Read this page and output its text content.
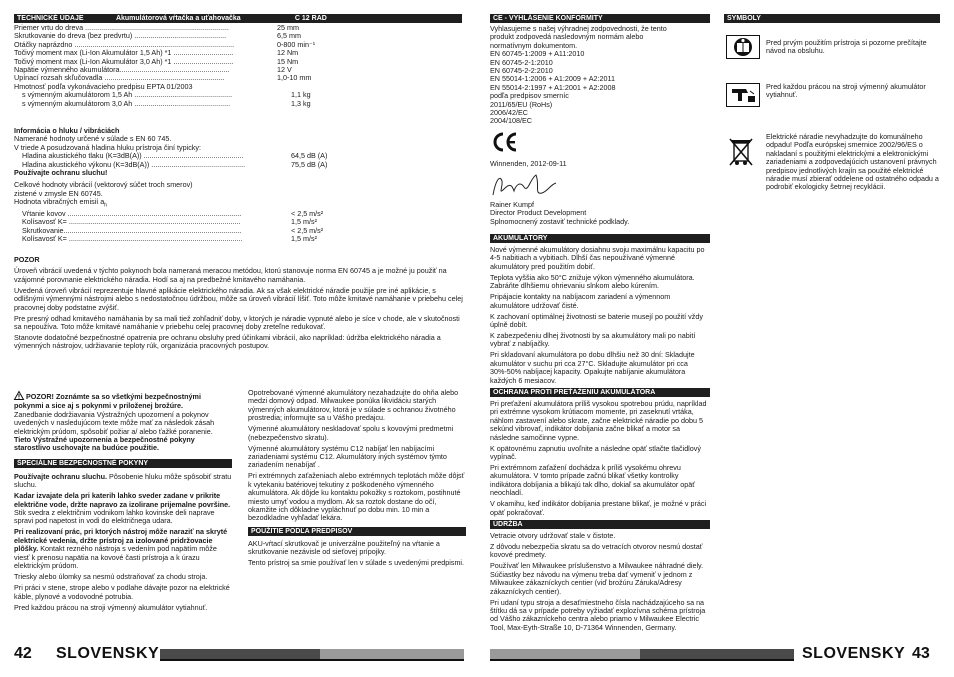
TECHNICKÉ ÚDAJE	Akumulátorová vŕtačka a uťahovačka	C 12 RAD
Priemer vrtu do dreva ........................................................................	25 mm
Skrutkovanie do dreva (bez predvrtu) ..............................................	6,5 mm
Otáčky naprázdno ................................................................................	0-800 min⁻¹
Točivý moment max (Li-Ion Akumulátor 1,5 Ah) *1 ..............................	12 Nm
Točivý moment max (Li-Ion Akumulátor 3,0 Ah) *1 ..............................	15 Nm
Napätie výmenného akumulátora.......................................................	12 V
Upínací rozsah skľučovadla ............................................................	1,0-10 mm
Hmotnosť podľa vykonávacieho predpisu EPTA 01/2003
s výmenným akumulátorom 1,5 Ah .................................................	1,1 kg
s výmenným akumulátorom 3,0 Ah ................................................	1,3 kg
Informácia o hluku / vibráciách
Namerané hodnoty určené v súlade s EN 60 745.
V triede A posudzovaná hladina hluku prístroja činí typicky:
Hladina akustického tlaku (K=3dB(A)) ..................................................	64,5 dB (A)
Hladina akustického výkonu (K=3dB(A)) ...............................................	75,5 dB (A)
Používajte ochranu sluchu!
Celkové hodnoty vibrácií (vektorový súčet troch smerov)
zistené v zmysle EN 60745.
Hodnota vibračných emisií $a_h$
Vŕtanie kovov .......................................................................................	< 2,5 m/s²
Kolísavosť K= ......................................................................................	1,5 m/s²
Skrutkovanie.........................................................................................	< 2,5 m/s²
Kolísavosť K= .......................................................................................	1,5 m/s²
POZOR

Úroveň vibrácií uvedená v týchto pokynoch bola nameraná meracou metódou, ktorú stanovuje norma EN 60745 a je možné ju použiť na vzájomné porovnanie elektrického náradia. Hodí sa aj na predbežné kmitavého namáhania.

Uvedená úroveň vibrácií reprezentuje hlavné aplikácie elektrického náradia. Ak sa však elektrické náradie použije pre iné aplikácie, s odlišnými výmennými nástrojmi alebo s nedostatočnou údržbou, môže sa úroveň vibrácií líšiť. Toto môže kmitavé namáhanie v priebehu celej pracovnej doby podstatne zvýšiť.

Pre presný odhad kmitavého namáhania by sa mali tiež zohľadniť doby, v ktorých je náradie vypnuté alebo je síce v chode, ale v skutočnosti sa nepoužíva. Toto môže kmitavé namáhanie v priebehu celej pracovnej doby zreteľne redukovať.

Stanovte dodatočné bezpečnostné opatrenia pre ochranu obsluhy pred účinkami vibrácií, ako napríklad: údržba elektrického náradia a výmenných nástrojov, udržiavanie teploty rúk, organizácia pracovných postupov.

POZOR! Zoznámte sa so všetkými bezpečnostnými pokynmi a sice aj s pokynmi v priloženej brožúre.
Zanedbanie dodržiavania Výstražných upozornení a pokynov uvedených v nasledujúcom texte môže mať za následok zásah elektrickým prúdom, spôsobiť požiar a/ alebo ťažké poranenie.
Tieto Výstražné upozornenia a bezpečnostné pokyny starostlivo uschovajte na budúce použitie.
ŠPECIÁLNE BEZPEČNOSTNÉ POKYNY

Používajte ochranu sluchu. Pôsobenie hluku môže spôsobiť stratu sluchu.

Kadar izvajate dela pri katerih lahko sveder zadane v prikrite električne vode, držte napravo za izolirane prijemalne površine. Stik svedra z električnim vodnikom lahko kovinske deli naprave spravi pod napetost in vodi do električnega udara.

Pri realizovaní prác, pri ktorých nástroj môže naraziť na skryté elektrické vedenia, držte prístroj za izolované pridržovacie plôšky. Kontakt rezného nástroja s vedením pod napätím môže viesť k prenosu napätia na kovové časti prístroja a k úrazu elektrickým prúdom.

Triesky alebo úlomky sa nesmú odstraňovať za chodu stroja.

Pri práci v stene, strope alebo v podlahe dávajte pozor na elektrické káble, plynové a vodovodné potrubia.

Pred každou prácou na stroji výmenný akumulátor vytiahnuť.

Opotrebované výmenné akumulátory nezahadzujte do ohňa alebo medzi domový odpad. Milwaukee ponúka likvidáciu starých výmenných akumulátorov, ktorá je v súlade s ochranou životného prostredia; informujte sa u Vášho predajcu.

Výmenné akumulátory neskladovať spolu s kovovými predmetmi (nebezpečenstvo skratu).

Výmenné akumulátory systému C12 nabíjať len nabíjacími zariadeniami systému C12. Akumulátory iných systémov týmto zariadením nenabíjať .

Pri extrémnych zaťaženiach alebo extrémnych teplotách môže dôjsť k vytekaniu batériovej tekutiny z poškodeného výmenného akumulátora. Ak dôjde ku kontaktu pokožky s roztokom, postihnuté miesto umyť vodou a mydlom. Ak sa roztok dostane do očí, okamžite ich dôkladne vypláchnuť po dobu min. 10 min a bezodkladne vyhľadať lekára.

POUŽITIE PODĽA PREDPISOV

AKU-vŕtací skrutkovač je univerzálne použiteľný na vŕtanie a skrutkovanie nezávisle od sieťovej prípojky.

Tento prístroj sa smie používať len v súlade s uvedenými predpismi.

42 SLOVENSKY
CE - VYHLÁSENIE KONFORMITY
Vyhlasujeme s našej výhradnej zodpovednosti, že tento
produkt zodpovedá nasledovným normám alebo
normatívnym dokumentom.
EN 60745-1:2009 + A11:2010
EN 60745-2-1:2010
EN 60745-2-2:2010
EN 55014-1:2006 + A1:2009 + A2:2011
EN 55014-2:1997 + A1:2001 + A2:2008
podľa predpisov smerníc
2011/65/EU (RoHs)
2006/42/EC
2004/108/EC
Winnenden, 2012-09-11
Rainer Kumpf
Director Product Development
Splnomocnený zostaviť technické podklady.
AKUMULÁTORY

Nové výmenné akumulátory dosiahnu svoju maximálnu kapacitu po 4-5 nabitiach a vybitiach. Dlhší čas nepoužívané výmenné akumulátory pred použitím dobiť.

Teplota vyššia ako 50°C znižuje výkon výmenného akumulátora. Zabráňte dlhšiemu ohrievaniu slnkom alebo kúrením.

Pripájacie kontakty na nabíjacom zariadení a výmennom akumulátore udržovať čisté.

K zachovaní optimálnej životnosti se baterie musejí po použití vždy úplně dobít.

K zabezpečeniu dlhej životnosti by sa akumulátory mali po nabití vybrať z nabíjačky.

Pri skladovaní akumulátora po dobu dlhšiu než 30 dní: Skladujte akumulátor v suchu pri cca 27°C. Skladujte akumulátor pri cca 30%-50% nabíjacej kapacity. Opakujte nabíjanie akumulátora každých 6 mesiacov.

OCHRANA PROTI PREŤAŽENIU AKUMULÁTORA

Pri preťažení akumulátora príliš vysokou spotrebou prúdu, napríklad pri extrémne vysokom krútiacom momente, pri zaseknutí vrtáka, náhlom zastavení alebo skrate, začne elektrické náradie po dobu 5 sekúnd vibrovať, indikátor dobíjania začne blikať a motor sa následne samočinne vypne.

K opätovnému zapnutiu uvoľnite a následne opäť stlačte tlačidlový vypínač.

Pri extrémnom zaťažení dochádza k príliš vysokému ohrevu akumulátora. V tomto prípade začnú blikať všetky kontrolky indikátora dobíjania a blikajú tak dlho, dokiaľ sa akumulátor opäť neochladí.

V okamihu, keď indikátor dobíjania prestane blikať, je možné v práci opäť pokračovať.

ÚDRŽBA

Vetracie otvory udržovať stale v čistote.

Z dôvodu nebezpečia skratu sa do vetracích otvorov nesmú dostať kovové predmety.

Používať len Milwaukee príslušenstvo a Milwaukee náhradné diely. Súčiastky bez návodu na výmenu treba dať vymeniť v jednom z Milwaukee zákazníckych centier (viď brožúru Záruka/Adresy zákazníckych centier).

Pri udaní typu stroja a desaťmiestneho čísla nachádzajúceho sa na štítku dá sa v prípade potreby vyžiadať explozívna schéma prístroja od Vášho zákazníckeho centra alebo priamo v Milwaukee Electric Tool, Max-Eyth-Straße 10, D-71364 Winnenden, Germany.

SYMBOLY
Pred prvým použitím prístroja si pozorne prečítajte návod na obsluhu.
Pred každou prácou na stroji výmenný akumulátor vytiahnuť.
Elektrické náradie nevyhadzujte do komunálneho odpadu! Podľa európskej smernice 2002/96/ES o nakladaní s použitými elektrickými a elektronickými zariadeniami a zodpovedajúcich ustanovení právnych predpisov jednotlivých krajín sa použité elektrické náradie musí zbierať oddelene od ostatného odpadu a podrobiť ekologicky šetrnej recyklácii.
SLOVENSKY 43
